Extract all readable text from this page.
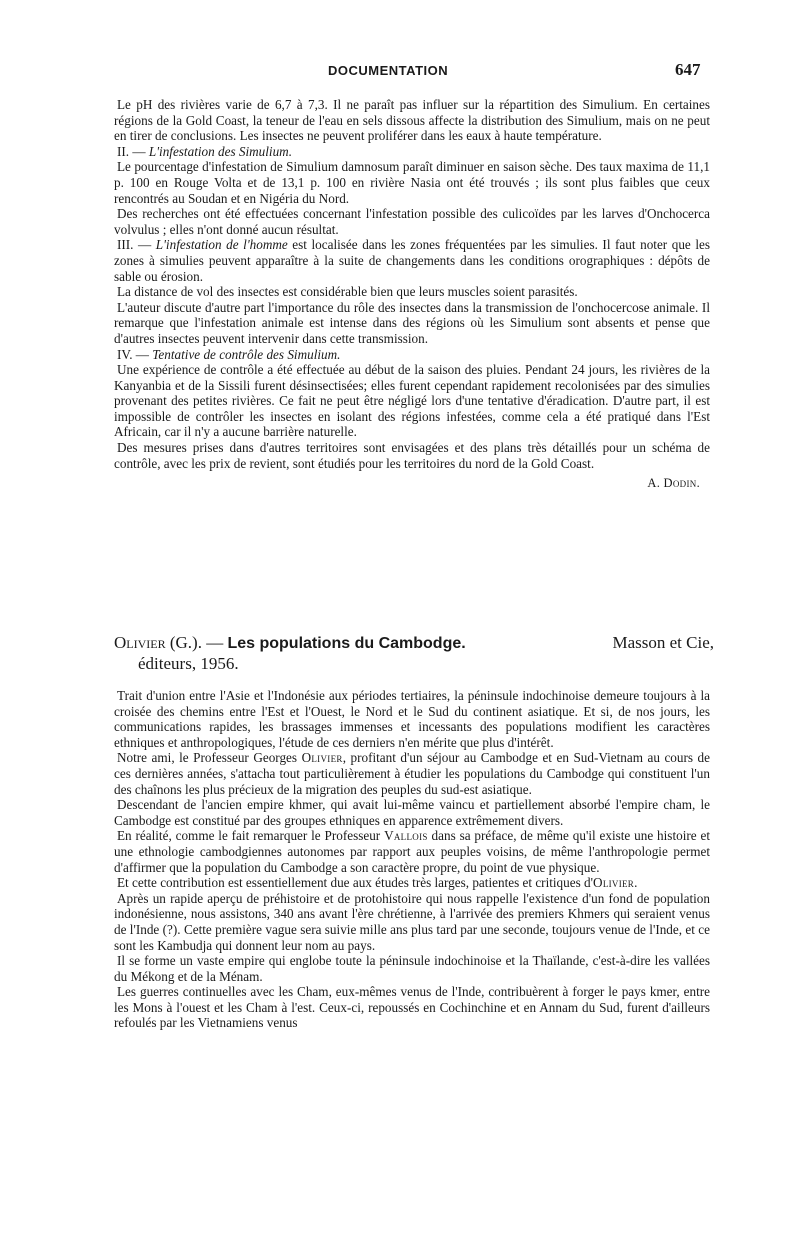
DOCUMENTATION	647

Le pH des rivières varie de 6,7 à 7,3. Il ne paraît pas influer sur la répartition des Simulium. En certaines régions de la Gold Coast, la teneur de l'eau en sels dissous affecte la distribution des Simulium, mais on ne peut en tirer de conclusions. Les insectes ne peuvent proliférer dans les eaux à haute température.

II. — L'infestation des Simulium.

Le pourcentage d'infestation de Simulium damnosum paraît diminuer en saison sèche. Des taux maxima de 11,1 p. 100 en Rouge Volta et de 13,1 p. 100 en rivière Nasia ont été trouvés ; ils sont plus faibles que ceux rencontrés au Soudan et en Nigéria du Nord.

Des recherches ont été effectuées concernant l'infestation possible des culicoïdes par les larves d'Onchocerca volvulus ; elles n'ont donné aucun résultat.

III. — L'infestation de l'homme est localisée dans les zones fréquentées par les simulies. Il faut noter que les zones à simulies peuvent apparaître à la suite de changements dans les conditions orographiques : dépôts de sable ou érosion.

La distance de vol des insectes est considérable bien que leurs muscles soient parasités.

L'auteur discute d'autre part l'importance du rôle des insectes dans la transmission de l'onchocercose animale. Il remarque que l'infestation animale est intense dans des régions où les Simulium sont absents et pense que d'autres insectes peuvent intervenir dans cette transmission.

IV. — Tentative de contrôle des Simulium.

Une expérience de contrôle a été effectuée au début de la saison des pluies. Pendant 24 jours, les rivières de la Kanyanbia et de la Sissili furent désinsectisées; elles furent cependant rapidement recolonisées par des simulies provenant des petites rivières. Ce fait ne peut être négligé lors d'une tentative d'éradication. D'autre part, il est impossible de contrôler les insectes en isolant des régions infestées, comme cela a été pratiqué dans l'Est Africain, car il n'y a aucune barrière naturelle.

Des mesures prises dans d'autres territoires sont envisagées et des plans très détaillés pour un schéma de contrôle, avec les prix de revient, sont étudiés pour les territoires du nord de la Gold Coast.

A. Dodin.
Olivier (G.). — Les populations du Cambodge.	Masson et Cie,
éditeurs, 1956.

Trait d'union entre l'Asie et l'Indonésie aux périodes tertiaires, la péninsule indochinoise demeure toujours à la croisée des chemins entre l'Est et l'Ouest, le Nord et le Sud du continent asiatique. Et si, de nos jours, les communications rapides, les brassages immenses et incessants des populations modifient les caractères ethniques et anthropologiques, l'étude de ces derniers n'en mérite que plus d'intérêt.

Notre ami, le Professeur Georges Olivier, profitant d'un séjour au Cambodge et en Sud-Vietnam au cours de ces dernières années, s'attacha tout particulièrement à étudier les populations du Cambodge qui constituent l'un des chaînons les plus précieux de la migration des peuples du sud-est asiatique.

Descendant de l'ancien empire khmer, qui avait lui-même vaincu et partiellement absorbé l'empire cham, le Cambodge est constitué par des groupes ethniques en apparence extrêmement divers.

En réalité, comme le fait remarquer le Professeur Vallois dans sa préface, de même qu'il existe une histoire et une ethnologie cambodgiennes autonomes par rapport aux peuples voisins, de même l'anthropologie permet d'affirmer que la population du Cambodge a son caractère propre, du point de vue physique.

Et cette contribution est essentiellement due aux études très larges, patientes et critiques d'Olivier.

Après un rapide aperçu de préhistoire et de protohistoire qui nous rappelle l'existence d'un fond de population indonésienne, nous assistons, 340 ans avant l'ère chrétienne, à l'arrivée des premiers Khmers qui seraient venus de l'Inde (?). Cette première vague sera suivie mille ans plus tard par une seconde, toujours venue de l'Inde, et ce sont les Kambudja qui donnent leur nom au pays.

Il se forme un vaste empire qui englobe toute la péninsule indochinoise et la Thaïlande, c'est-à-dire les vallées du Mékong et de la Ménam.

Les guerres continuelles avec les Cham, eux-mêmes venus de l'Inde, contribuèrent à forger le pays kmer, entre les Mons à l'ouest et les Cham à l'est. Ceux-ci, repoussés en Cochinchine et en Annam du Sud, furent d'ailleurs refoulés par les Vietnamiens venus
